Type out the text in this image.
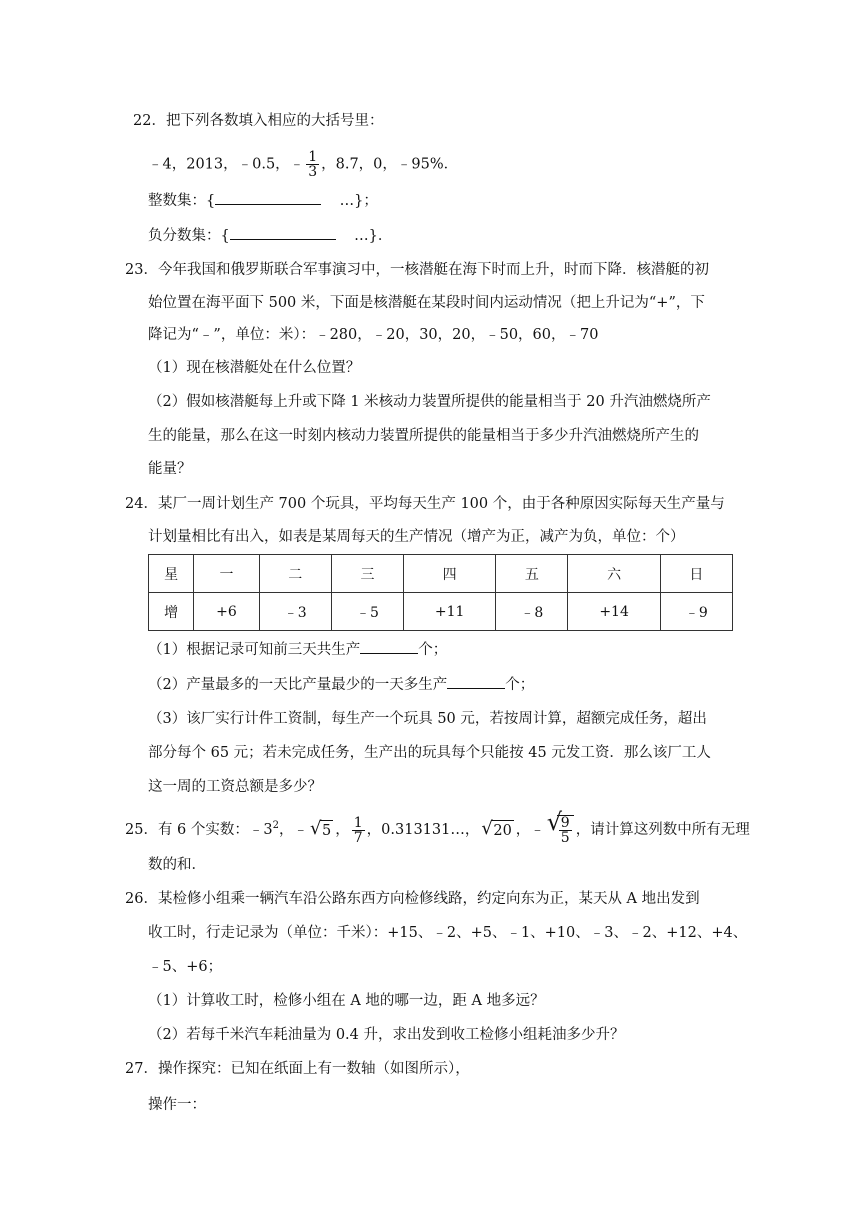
22．把下列各数填入相应的大括号里：
﹣4，2013，﹣0.5，﹣ $\frac{1}{3}$ ，8.7，0，﹣95%．
整数集：{	…}；
负分数集：{	…}．
23．今年我国和俄罗斯联合军事演习中，一核潜艇在海下时而上升，时而下降．核潜艇的初
始位置在海平面下 500 米，下面是核潜艇在某段时间内运动情况（把上升记为“+”，下
降记为“﹣”，单位：米）：﹣280，﹣20，30，20，﹣50，60，﹣70
（1）现在核潜艇处在什么位置？
（2）假如核潜艇每上升或下降 1 米核动力装置所提供的能量相当于 20 升汽油燃烧所产
生的能量，那么在这一时刻内核动力装置所提供的能量相当于多少升汽油燃烧所产生的
能量？
24．某厂一周计划生产 700 个玩具，平均每天生产 100 个，由于各种原因实际每天生产量与
计划量相比有出入，如表是某周每天的生产情况（增产为正，减产为负，单位：个）
星	一	二	三	四	五	六	日
增	+6	﹣3	﹣5	+11	﹣8	+14	﹣9
（1）根据记录可知前三天共生产	个；
（2）产量最多的一天比产量最少的一天多生产	个；
（3）该厂实行计件工资制，每生产一个玩具 50 元，若按周计算，超额完成任务，超出
部分每个 65 元；若未完成任务，生产出的玩具每个只能按 45 元发工资．那么该厂工人
这一周的工资总额是多少？
25．有 6 个实数：$﹣3^2$，﹣ √ 5 ， $\frac{1}{7}$ ，0.313131…， √ 20 ，﹣ √
$\frac{9}{5}$ ，请计算这列数中所有无理
数的和．
26．某检修小组乘一辆汽车沿公路东西方向检修线路，约定向东为正，某天从 A 地出发到
收工时，行走记录为（单位：千米）：+15、﹣2、+5、﹣1、+10、﹣3、﹣2、+12、+4、
﹣5、+6；
（1）计算收工时，检修小组在 A 地的哪一边，距 A 地多远？
（2）若每千米汽车耗油量为 0.4 升，求出发到收工检修小组耗油多少升？
27．操作探究：已知在纸面上有一数轴（如图所示），
操作一：
